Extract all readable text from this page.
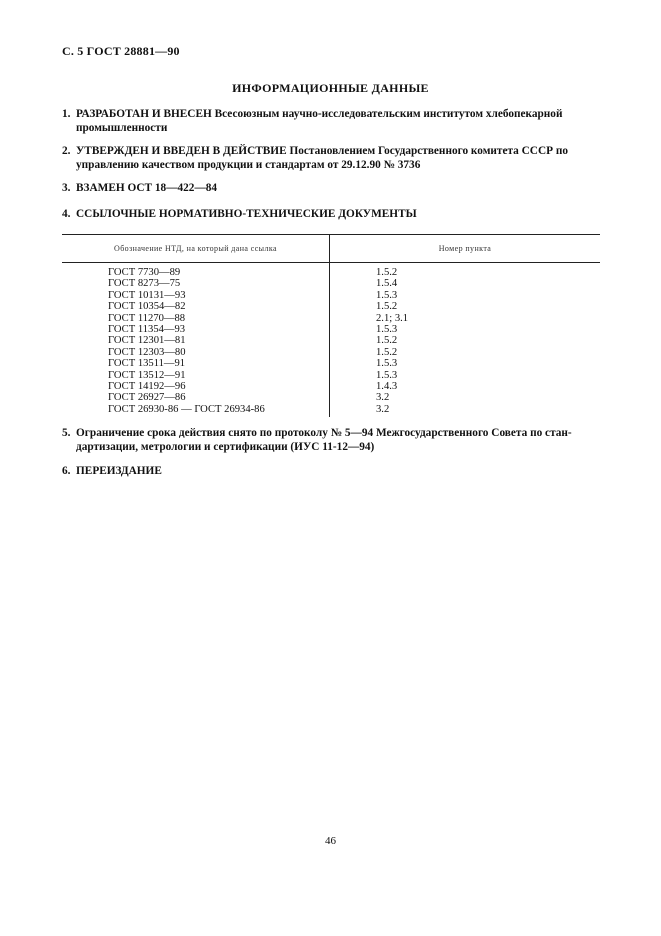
С. 5 ГОСТ 28881—90
ИНФОРМАЦИОННЫЕ ДАННЫЕ
1. РАЗРАБОТАН И ВНЕСЕН Всесоюзным научно-исследовательским институтом хлебопекарной
промышленности
2. УТВЕРЖДЕН И ВВЕДЕН В ДЕЙСТВИЕ Постановлением Государственного комитета СССР по
управлению качеством продукции и стандартам от 29.12.90 № 3736
3. ВЗАМЕН ОСТ 18—422—84
4. ССЫЛОЧНЫЕ НОРМАТИВНО-ТЕХНИЧЕСКИЕ ДОКУМЕНТЫ
Обозначение НТД, на который дана ссылка	Номер пункта
ГОСТ 7730—89
ГОСТ 8273—75
ГОСТ 10131—93
ГОСТ 10354—82
ГОСТ 11270—88
ГОСТ 11354—93
ГОСТ 12301—81
ГОСТ 12303—80
ГОСТ 13511—91
ГОСТ 13512—91
ГОСТ 14192—96
ГОСТ 26927—86
ГОСТ 26930-86 — ГОСТ 26934-86
1.5.2
1.5.4
1.5.3
1.5.2
2.1; 3.1
1.5.3
1.5.2
1.5.2
1.5.3
1.5.3
1.4.3
3.2
3.2
5. Ограничение срока действия снято по протоколу № 5—94 Межгосударственного Совета по стан-
дартизации, метрологии и сертификации (ИУС 11-12—94)
6. ПЕРЕИЗДАНИЕ
46
